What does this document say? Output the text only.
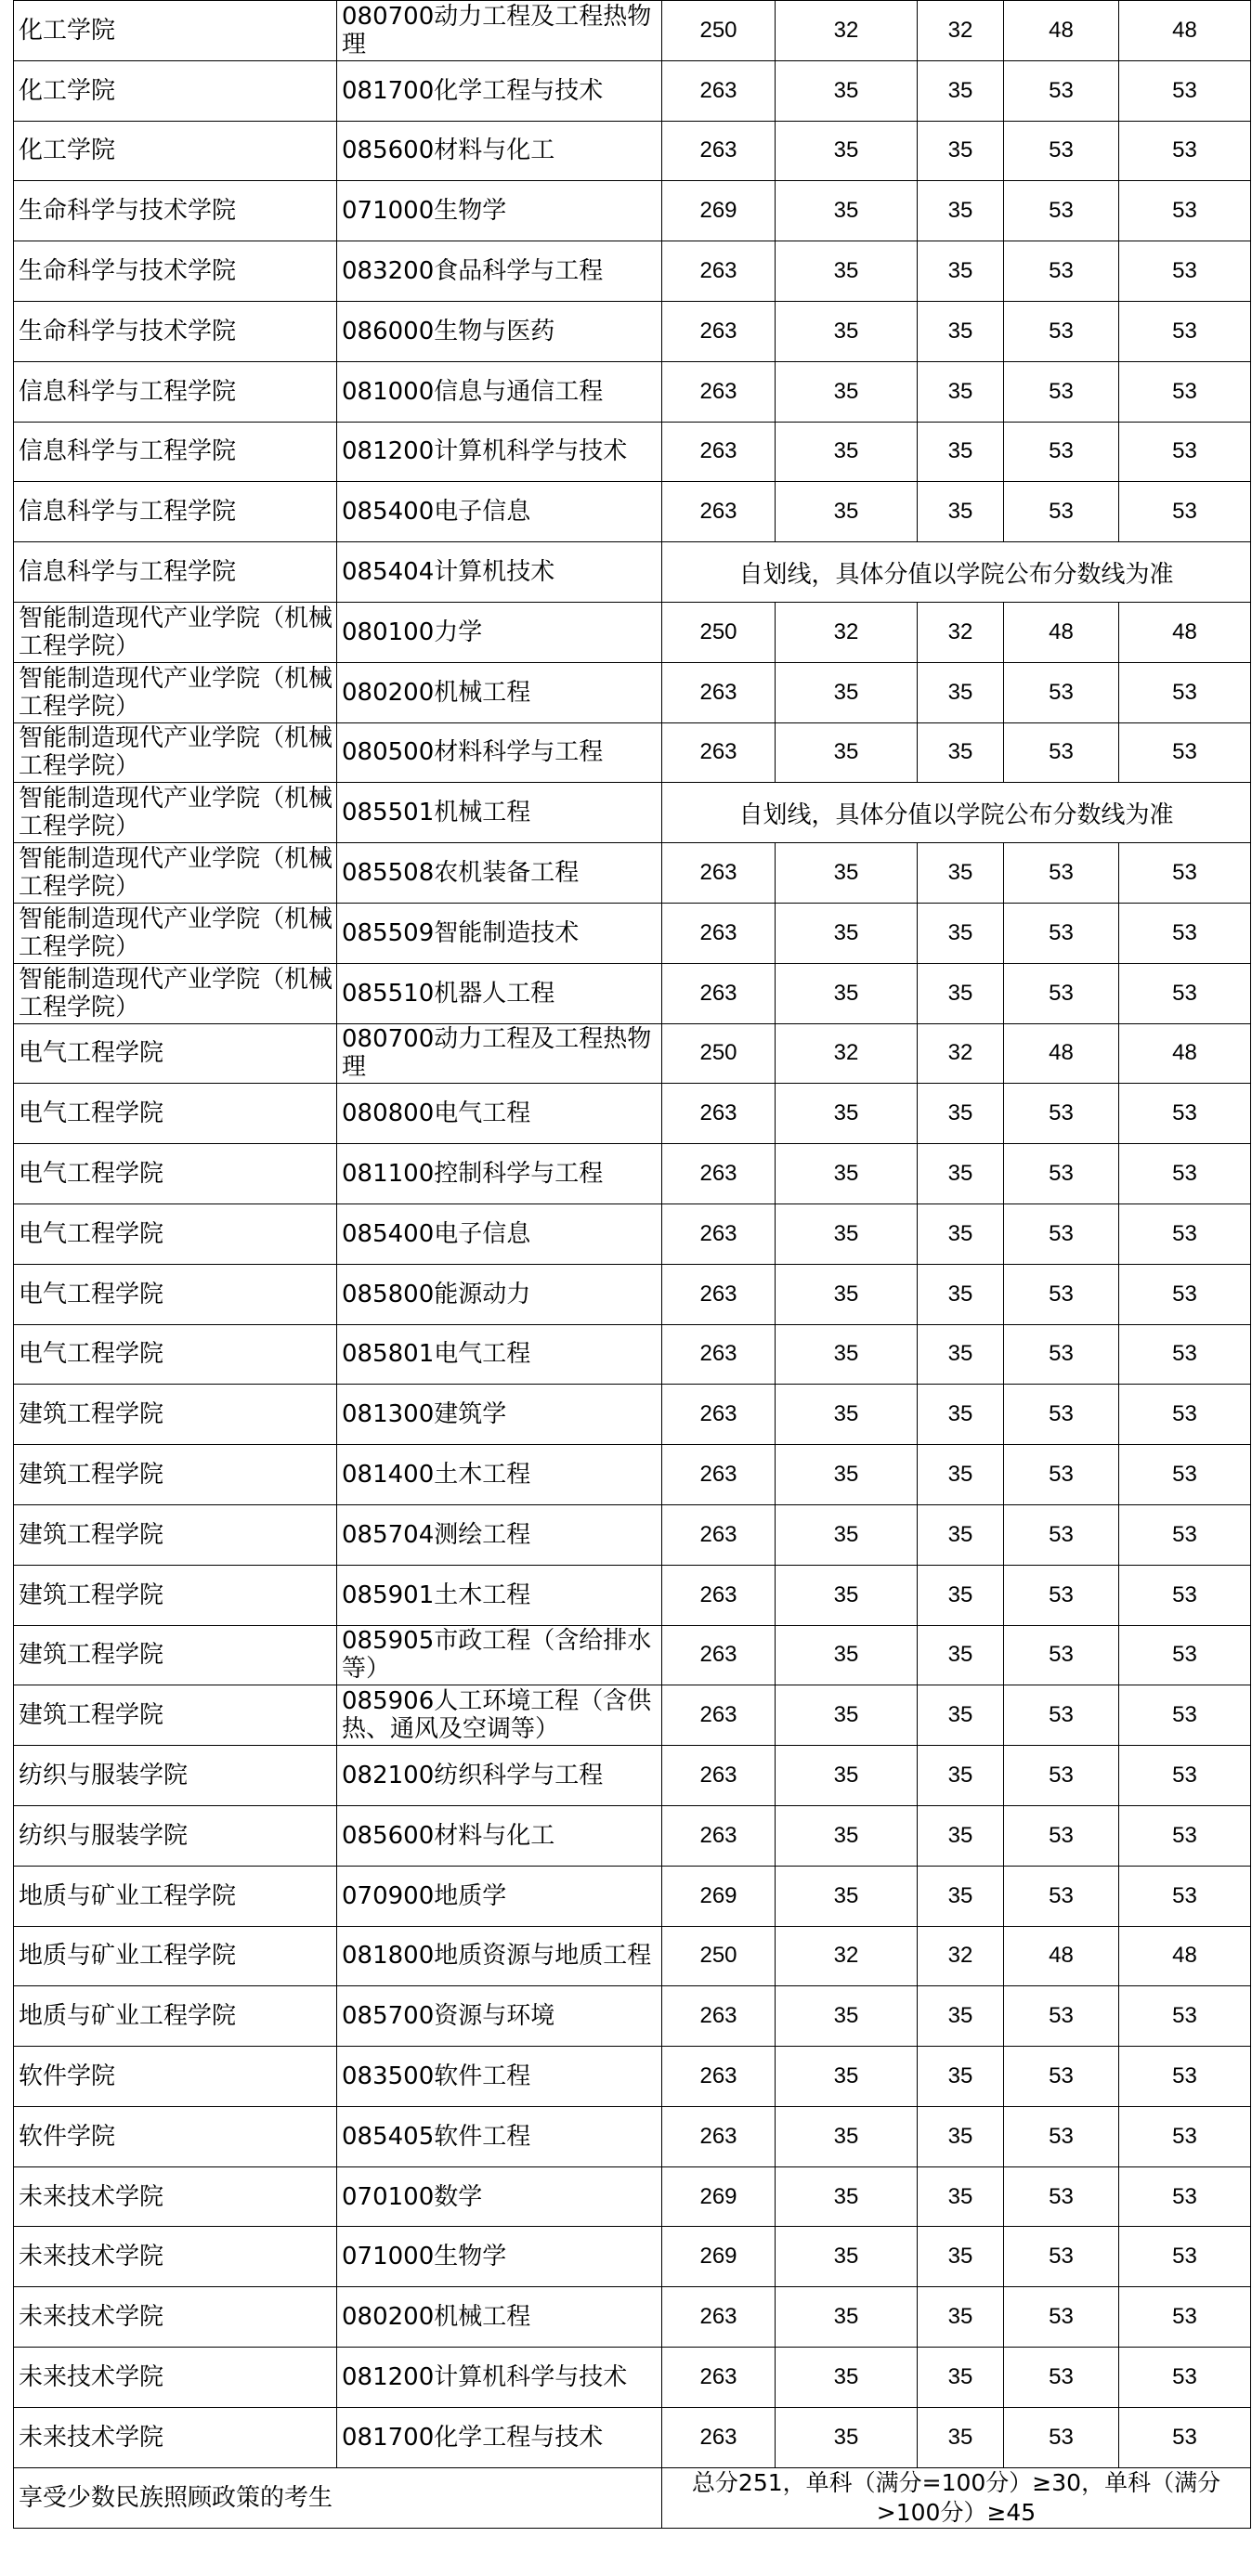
化工学院	080700动力工程及工程热物理	250	32	32	48	48
化工学院	081700化学工程与技术	263	35	35	53	53
化工学院	085600材料与化工	263	35	35	53	53
生命科学与技术学院	071000生物学	269	35	35	53	53
生命科学与技术学院	083200食品科学与工程	263	35	35	53	53
生命科学与技术学院	086000生物与医药	263	35	35	53	53
信息科学与工程学院	081000信息与通信工程	263	35	35	53	53
信息科学与工程学院	081200计算机科学与技术	263	35	35	53	53
信息科学与工程学院	085400电子信息	263	35	35	53	53
信息科学与工程学院	085404计算机技术	自划线，具体分值以学院公布分数线为准				
智能制造现代产业学院（机械工程学院）	080100力学	250	32	32	48	48
智能制造现代产业学院（机械工程学院）	080200机械工程	263	35	35	53	53
智能制造现代产业学院（机械工程学院）	080500材料科学与工程	263	35	35	53	53
智能制造现代产业学院（机械工程学院）	085501机械工程	自划线，具体分值以学院公布分数线为准				
智能制造现代产业学院（机械工程学院）	085508农机装备工程	263	35	35	53	53
智能制造现代产业学院（机械工程学院）	085509智能制造技术	263	35	35	53	53
智能制造现代产业学院（机械工程学院）	085510机器人工程	263	35	35	53	53
电气工程学院	080700动力工程及工程热物理	250	32	32	48	48
电气工程学院	080800电气工程	263	35	35	53	53
电气工程学院	081100控制科学与工程	263	35	35	53	53
电气工程学院	085400电子信息	263	35	35	53	53
电气工程学院	085800能源动力	263	35	35	53	53
电气工程学院	085801电气工程	263	35	35	53	53
建筑工程学院	081300建筑学	263	35	35	53	53
建筑工程学院	081400土木工程	263	35	35	53	53
建筑工程学院	085704测绘工程	263	35	35	53	53
建筑工程学院	085901土木工程	263	35	35	53	53
建筑工程学院	085905市政工程（含给排水等）	263	35	35	53	53
建筑工程学院	085906人工环境工程（含供热、通风及空调等）	263	35	35	53	53
纺织与服装学院	082100纺织科学与工程	263	35	35	53	53
纺织与服装学院	085600材料与化工	263	35	35	53	53
地质与矿业工程学院	070900地质学	269	35	35	53	53
地质与矿业工程学院	081800地质资源与地质工程	250	32	32	48	48
地质与矿业工程学院	085700资源与环境	263	35	35	53	53
软件学院	083500软件工程	263	35	35	53	53
软件学院	085405软件工程	263	35	35	53	53
未来技术学院	070100数学	269	35	35	53	53
未来技术学院	071000生物学	269	35	35	53	53
未来技术学院	080200机械工程	263	35	35	53	53
未来技术学院	081200计算机科学与技术	263	35	35	53	53
未来技术学院	081700化学工程与技术	263	35	35	53	53
享受少数民族照顾政策的考生		总分251，单科（满分=100分）≥30，单科（满分>100分）≥45				
